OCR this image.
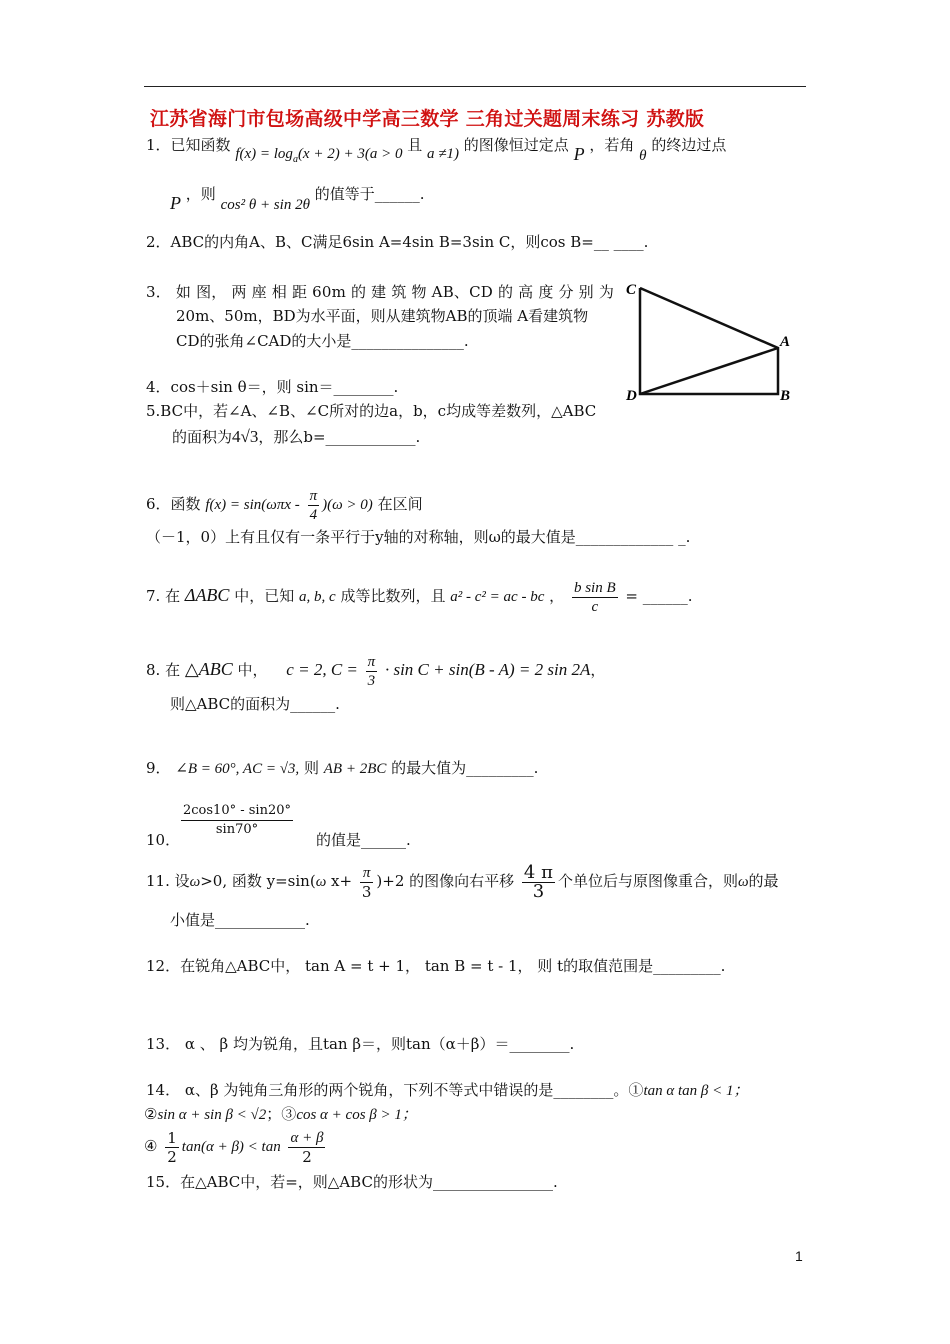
江苏省海门市包场高级中学高三数学 三角过关题周末练习 苏教版
1．已知函数 $f(x) = \log_a(x + 2) + 3(a > 0$ 且 a ≠1) 的图像恒过定点 P ，若角 θ 的终边过点
P ，则 cos² θ + sin 2θ 的值等于______.
2．ABC的内角A、B、C满足6sin A=4sin B=3sin C，则cos B=__ ____.
3． 如 图， 两 座 相 距 60m 的 建 筑 物 AB、CD 的 高 度 分 别 为
20m、50m，BD为水平面，则从建筑物AB的顶端 A看建筑物
CD的张角∠CAD的大小是_______________.
C
A
D	B
4．cos＋sin θ＝，则 sin＝________.
5.BC中，若∠A、∠B、∠C所对的边a，b，c均成等差数列，△ABC
的面积为4√3，那么b=____________.
6．函数 $f(x) = \sin(\omega\pi x - \frac{\pi}{4} )(\omega > 0)$ 在区间
（－1，0）上有且仅有一条平行于y轴的对称轴，则ω的最大值是_____________ _.
7. 在 ΔABC 中，已知 a, b, c 成等比数列，且 a² - c² = ac - bc ， $\frac{\text{b sin B}}{c}$ = ______.
8. 在 △ABC 中， c = 2, $C = \frac{\pi}{3} \cdot \sin C + \sin(B - A) = 2$ sin 2A，
则△ABC的面积为______.
9． ∠B = 60°, AC = √3, 则 AB + 2BC 的最大值为_________.
$\frac{2\cos 10^\circ - \sin 20^\circ}{\sin 70^\circ}$
10．	的值是______.
11. 设ω>0, 函数 y=sin(ω $x+ \frac{\pi}{3} )+2$ 的图像向右平移 $\frac{4 \pi}{3}$ 个单位后与原图像重合，则ω的最
小值是____________.
12．在锐角△ABC中， tan A = t + 1， tan B = t - 1， 则 t的取值范围是_________.
13． α 、 β 均为锐角，且tan β＝，则tan（α＋β）＝________.
14． α、β 为钝角三角形的两个锐角，下列不等式中错误的是________。①tan α tan β < 1；
②sin α + sin β < √2；③cos α + cos β > 1；
④ $\frac{1}{2} \tan(\alpha + \beta) < \tan \frac{\alpha + \beta}{2}$
15．在△ABC中，若=，则△ABC的形状为________________.
1
